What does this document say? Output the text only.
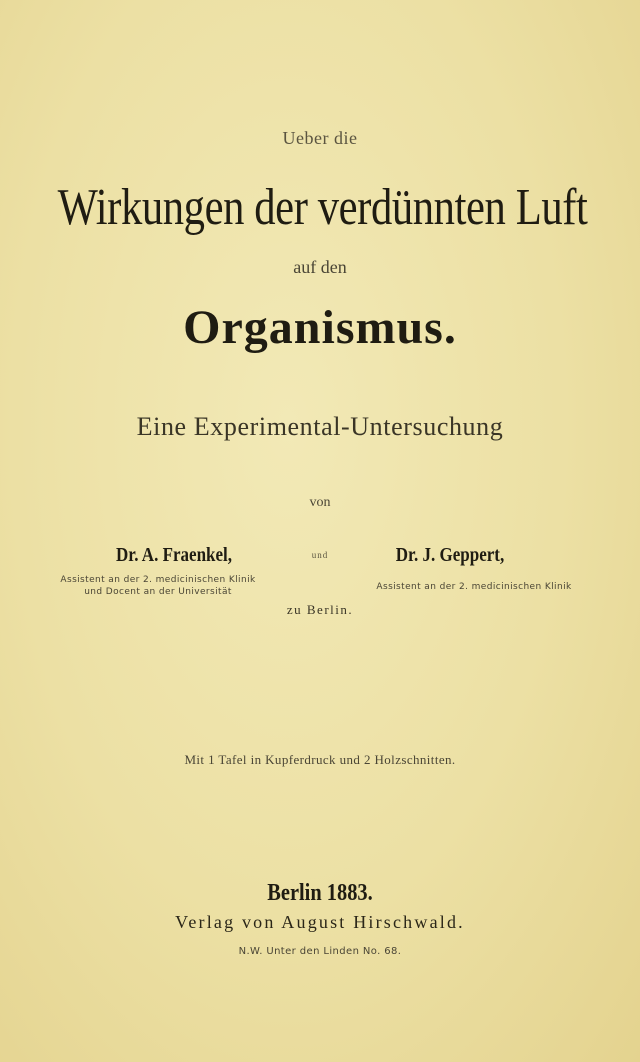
Ueber die
Wirkungen der verdünnten Luft
auf den
Organismus.
Eine Experimental-Untersuchung
von
Dr. A. Fraenkel,	und	Dr. J. Geppert,
Assistent an der 2. medicinischen Klinik
und Docent an der Universität	Assistent an der 2. medicinischen Klinik
zu Berlin.
Mit 1 Tafel in Kupferdruck und 2 Holzschnitten.
Berlin 1883.
Verlag von August Hirschwald.
N.W. Unter den Linden No. 68.
